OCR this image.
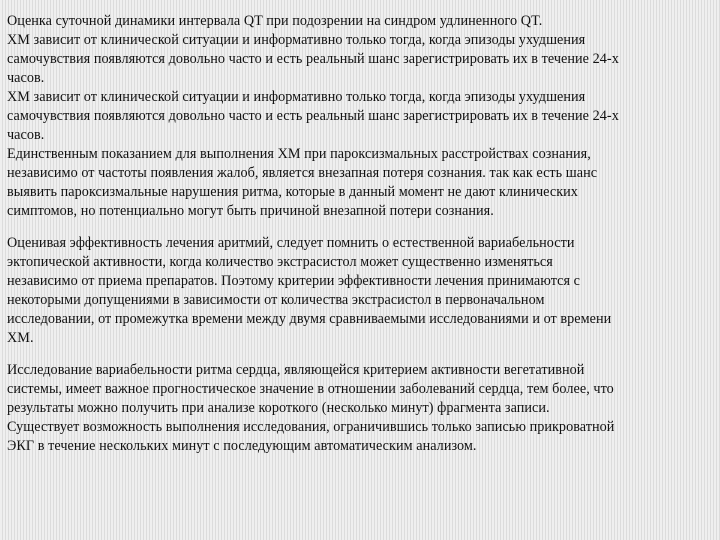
Оценка суточной динамики интервала QT при подозрении на синдром удлиненного QT.
ХМ зависит от клинической ситуации и информативно только тогда, когда эпизоды ухудшения
самочувствия появляются довольно часто и есть реальный шанс зарегистрировать их в течение 24-х
часов.
ХМ зависит от клинической ситуации и информативно только тогда, когда эпизоды ухудшения
самочувствия появляются довольно часто и есть реальный шанс зарегистрировать их в течение 24-х
часов.
Единственным показанием для выполнения ХМ при пароксизмальных расстройствах сознания,
независимо от частоты появления жалоб, является внезапная потеря сознания. так как есть шанс
выявить пароксизмальные нарушения ритма, которые в данный момент не дают клинических
симптомов, но потенциально могут быть причиной внезапной потери сознания.
Оценивая эффективность лечения аритмий, следует помнить о естественной вариабельности
эктопической активности, когда количество экстрасистол может существенно изменяться
независимо от приема препаратов. Поэтому критерии эффективности лечения принимаются с
некоторыми допущениями в зависимости от количества экстрасистол в первоначальном
исследовании, от промежутка времени между двумя сравниваемыми исследованиями и от времени
ХМ.
Исследование вариабельности ритма сердца, являющейся критерием активности вегетативной
системы, имеет важное прогностическое значение в отношении заболеваний сердца, тем более, что
результаты можно получить при анализе короткого (несколько минут) фрагмента записи.
Существует возможность выполнения исследования, ограничившись только записью прикроватной
ЭКГ в течение нескольких минут с последующим автоматическим анализом.
